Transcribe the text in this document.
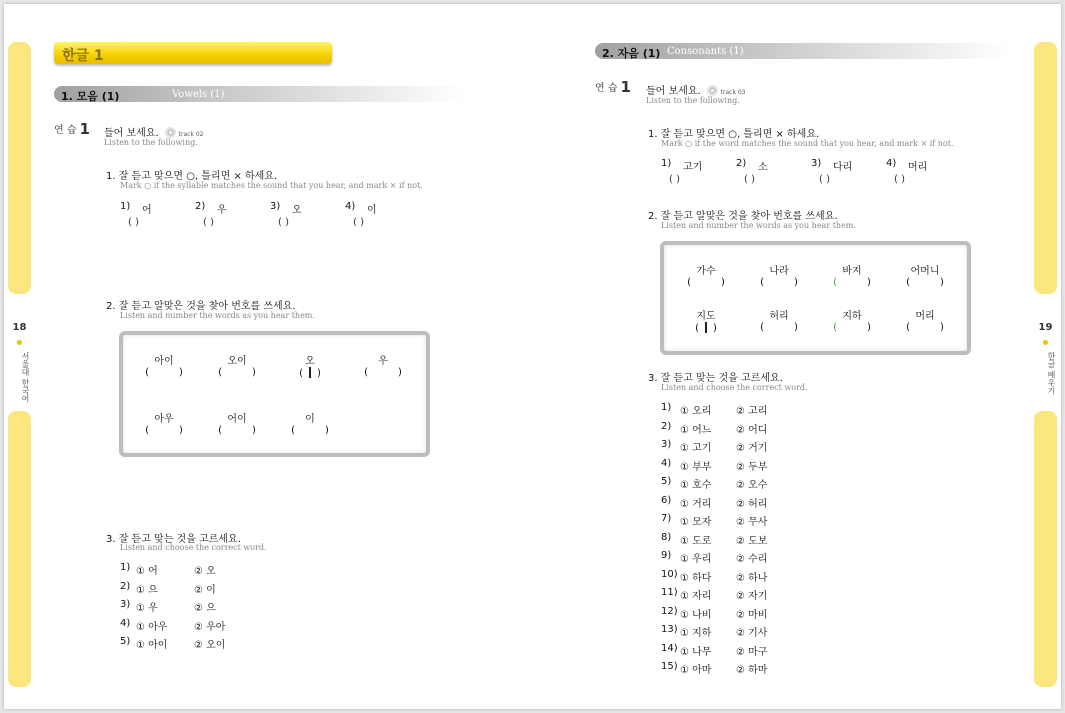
18
서울대 한국어
19
한글 배우기
한글 1
1. 모음 (1)	Vowels (1)
연 습 1 들어 보세요.	track 02
Listen to the following.
1. 잘 듣고 맞으면 ○, 틀리면 × 하세요.
Mark ○ if the syllable matches the sound that you hear, and mark × if not.
1) 어
( )
2) 우
( )
3) 오
( )
4) 이
( )
2. 잘 듣고 알맞은 것을 찾아 번호를 쓰세요.
Listen and number the words as you hear them.
아이
(	)
오이
(	)
오
( )
우
(	)
아우
(	)
어이
(	)
이
(	)
3. 잘 듣고 맞는 것을 고르세요.
Listen and choose the correct word.
1) ① 어	② 오
2) ① 으	② 이
3) ① 우	② 으
4) ① 아우	② 우아
5) ① 아이	② 오이
2. 자음 (1) Consonants (1)
연 습 1 들어 보세요.	track 03
Listen to the following.
1. 잘 듣고 맞으면 ○, 틀리면 × 하세요.
Mark ○ if the word matches the sound that you hear, and mark × if not.
1) 고기
( )
2) 소
( )
3) 다리
( )
4) 머리
( )
2. 잘 듣고 알맞은 것을 찾아 번호를 쓰세요.
Listen and number the words as you hear them.
가수
(	)
나라
(	)
바지
(	)
어머니
(	)
지도
( )
허리
(	)
지하
(	)
머리
(	)
3. 잘 듣고 맞는 것을 고르세요.
Listen and choose the correct word.
1) ① 오리 ② 고리
2) ① 어느 ② 어디
3) ① 고기 ② 거기
4) ① 부부 ② 두부
5) ① 호수 ② 오수
6) ① 거리 ② 허리
7) ① 모자 ② 무사
8) ① 도로 ② 도보
9) ① 우리 ② 수리
10) ① 하다 ② 하나
11) ① 자리 ② 자기
12) ① 나비 ② 마비
13) ① 지하 ② 기사
14) ① 나무 ② 마구
15) ① 아마 ② 하마
